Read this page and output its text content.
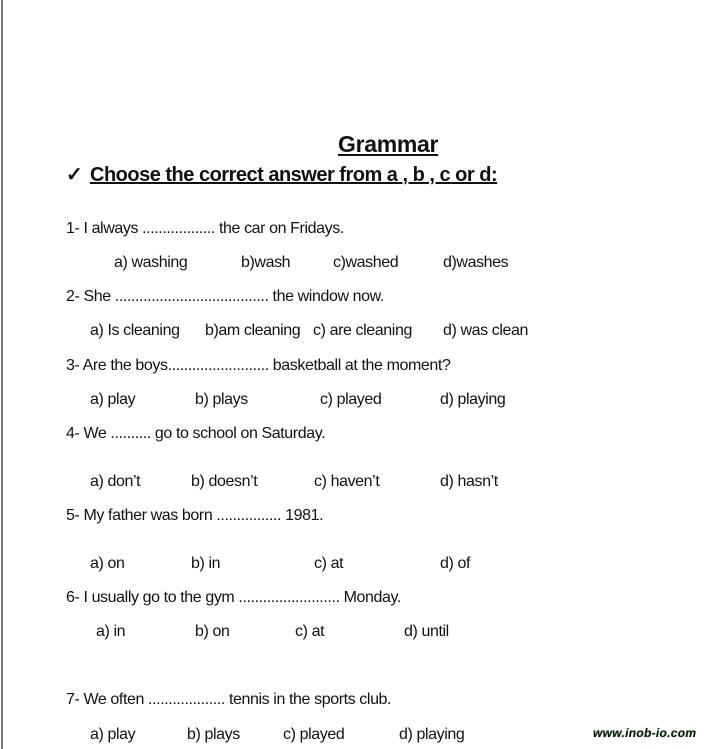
Grammar
✓ Choose the correct answer from a , b , c or d:
1- I always .................. the car on Fridays.
a) washing	b)wash	c)washed	d)washes
2- She ...................................... the window now.
a) Is cleaning b)am cleaning c) are cleaning d) was clean
3- Are the boys......................... basketball at the moment?
a) play	b) plays	c) played	d) playing
4- We .......... go to school on Saturday.
a) don’t	b) doesn’t	c) haven’t	d) hasn’t
5- My father was born ................ 1981.
a) on	b) in	c) at	d) of
6- I usually go to the gym ......................... Monday.
a) in	b) on	c) at	d) until
7- We often ................... tennis in the sports club.
a) play	b) plays	c) played	d) playing	www.inob-io.com
